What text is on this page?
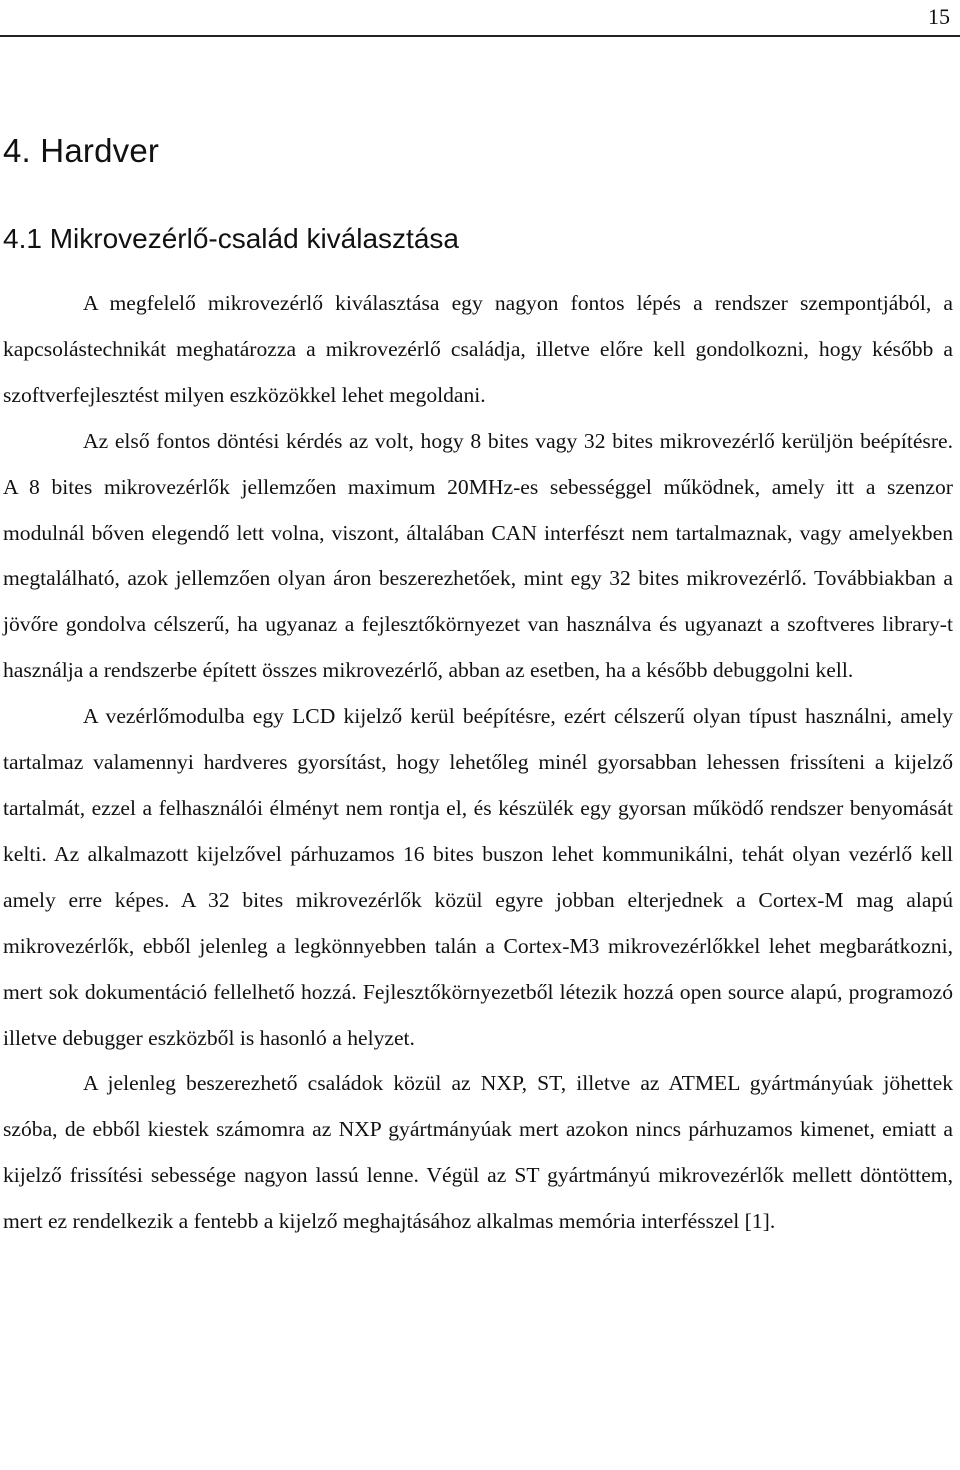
15
4. Hardver
4.1 Mikrovezérlő-család kiválasztása

A megfelelő mikrovezérlő kiválasztása egy nagyon fontos lépés a rendszer szempontjából, a kapcsolástechnikát meghatározza a mikrovezérlő családja, illetve előre kell gondolkozni, hogy később a szoftverfejlesztést milyen eszközökkel lehet megoldani.

Az első fontos döntési kérdés az volt, hogy 8 bites vagy 32 bites mikrovezérlő kerüljön beépítésre. A 8 bites mikrovezérlők jellemzően maximum 20MHz-es sebességgel működnek, amely itt a szenzor modulnál bőven elegendő lett volna, viszont, általában CAN interfészt nem tartalmaznak, vagy amelyekben megtalálható, azok jellemzően olyan áron beszerezhetőek, mint egy 32 bites mikrovezérlő. Továbbiakban a jövőre gondolva célszerű, ha ugyanaz a fejlesztőkörnyezet van használva és ugyanazt a szoftveres library-t használja a rendszerbe épített összes mikrovezérlő, abban az esetben, ha a később debuggolni kell.

A vezérlőmodulba egy LCD kijelző kerül beépítésre, ezért célszerű olyan típust használni, amely tartalmaz valamennyi hardveres gyorsítást, hogy lehetőleg minél gyorsabban lehessen frissíteni a kijelző tartalmát, ezzel a felhasználói élményt nem rontja el, és készülék egy gyorsan működő rendszer benyomását kelti. Az alkalmazott kijelzővel párhuzamos 16 bites buszon lehet kommunikálni, tehát olyan vezérlő kell amely erre képes. A 32 bites mikrovezérlők közül egyre jobban elterjednek a Cortex-M mag alapú mikrovezérlők, ebből jelenleg a legkönnyebben talán a Cortex-M3 mikrovezérlőkkel lehet megbarátkozni, mert sok dokumentáció fellelhető hozzá. Fejlesztőkörnyezetből létezik hozzá open source alapú, programozó illetve debugger eszközből is hasonló a helyzet.

A jelenleg beszerezhető családok közül az NXP, ST, illetve az ATMEL gyártmányúak jöhettek szóba, de ebből kiestek számomra az NXP gyártmányúak mert azokon nincs párhuzamos kimenet, emiatt a kijelző frissítési sebessége nagyon lassú lenne. Végül az ST gyártmányú mikrovezérlők mellett döntöttem, mert ez rendelkezik a fentebb a kijelző meghajtásához alkalmas memória interfésszel [1].
